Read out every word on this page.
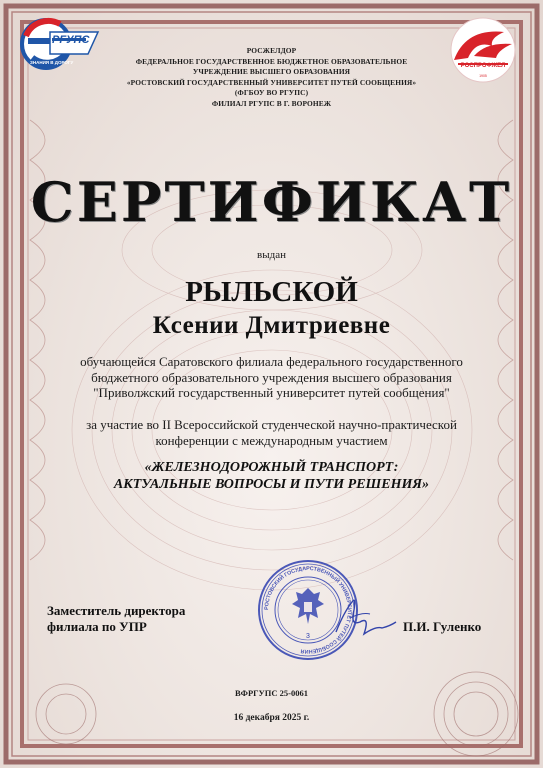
РГУПС
ЗНАНИЯ В ДОРОГУ
РОСПРОФЖЕЛ
1905
РОСЖЕЛДОР
ФЕДЕРАЛЬНОЕ ГОСУДАРСТВЕННОЕ БЮДЖЕТНОЕ ОБРАЗОВАТЕЛЬНОЕ
УЧРЕЖДЕНИЕ ВЫСШЕГО ОБРАЗОВАНИЯ
«РОСТОВСКИЙ ГОСУДАРСТВЕННЫЙ УНИВЕРСИТЕТ ПУТЕЙ СООБЩЕНИЯ»
(ФГБОУ ВО РГУПС)
ФИЛИАЛ РГУПС В Г. ВОРОНЕЖ
СЕРТИФИКАТ
выдан
РЫЛЬСКОЙ
Ксении Дмитриевне
обучающейся Саратовского филиала федерального государственного
бюджетного образовательного учреждения высшего образования
"Приволжский государственный университет путей сообщения"
за участие во II Всероссийской студенческой научно-практической
конференции с международным участием
«ЖЕЛЕЗНОДОРОЖНЫЙ ТРАНСПОРТ:
АКТУАЛЬНЫЕ ВОПРОСЫ И ПУТИ РЕШЕНИЯ»
РОСТОВСКИЙ ГОСУДАРСТВЕННЫЙ УНИВЕРСИТЕТ ПУТЕЙ СООБЩЕНИЯ
3
Заместитель директора
филиала по УПР	П.И. Гуленко
ВФРГУПС 25-0061
16 декабря 2025 г.
